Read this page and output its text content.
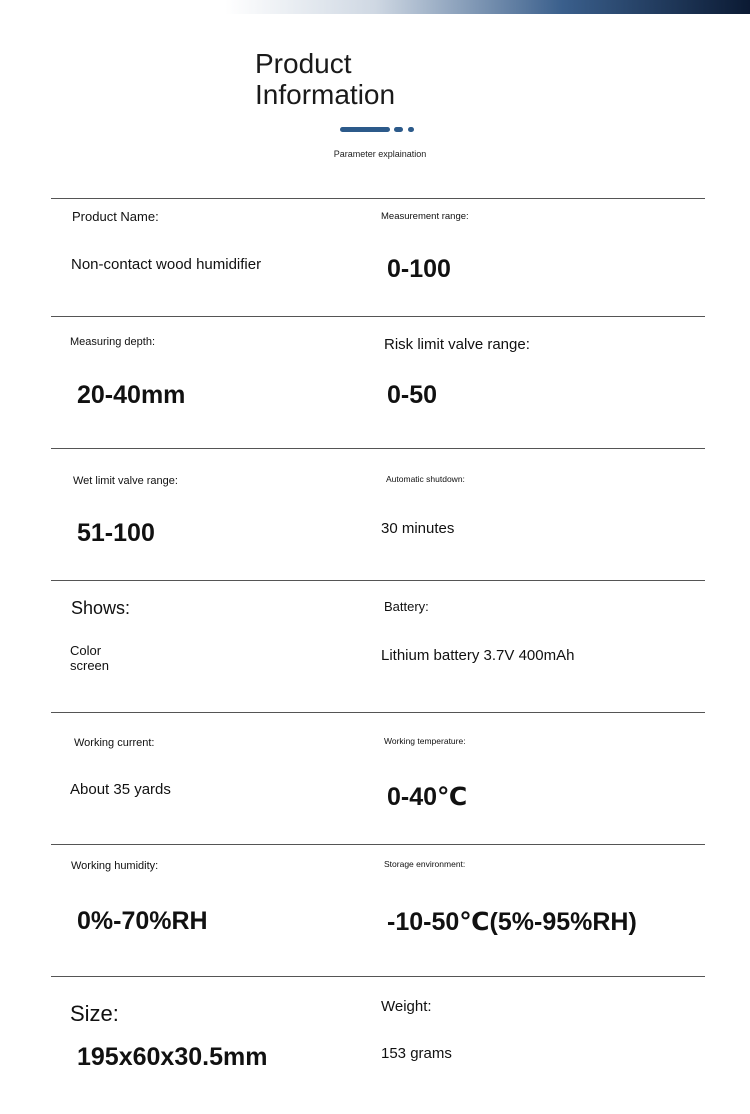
Product
Information
Parameter explaination
Product Name:
Non-contact wood humidifier
Measurement range:
0-100
Measuring depth:
20-40mm
Risk limit valve range:
0-50
Wet limit valve range:
51-100
Automatic shutdown:
30 minutes
Shows:
Color screen
Battery:
Lithium battery 3.7V 400mAh
Working current:
About 35 yards
Working temperature:
0-40℃
Working humidity:
0%-70%RH
Storage environment:
-10-50℃(5%-95%RH)
Size:
195x60x30.5mm
Weight:
153 grams
